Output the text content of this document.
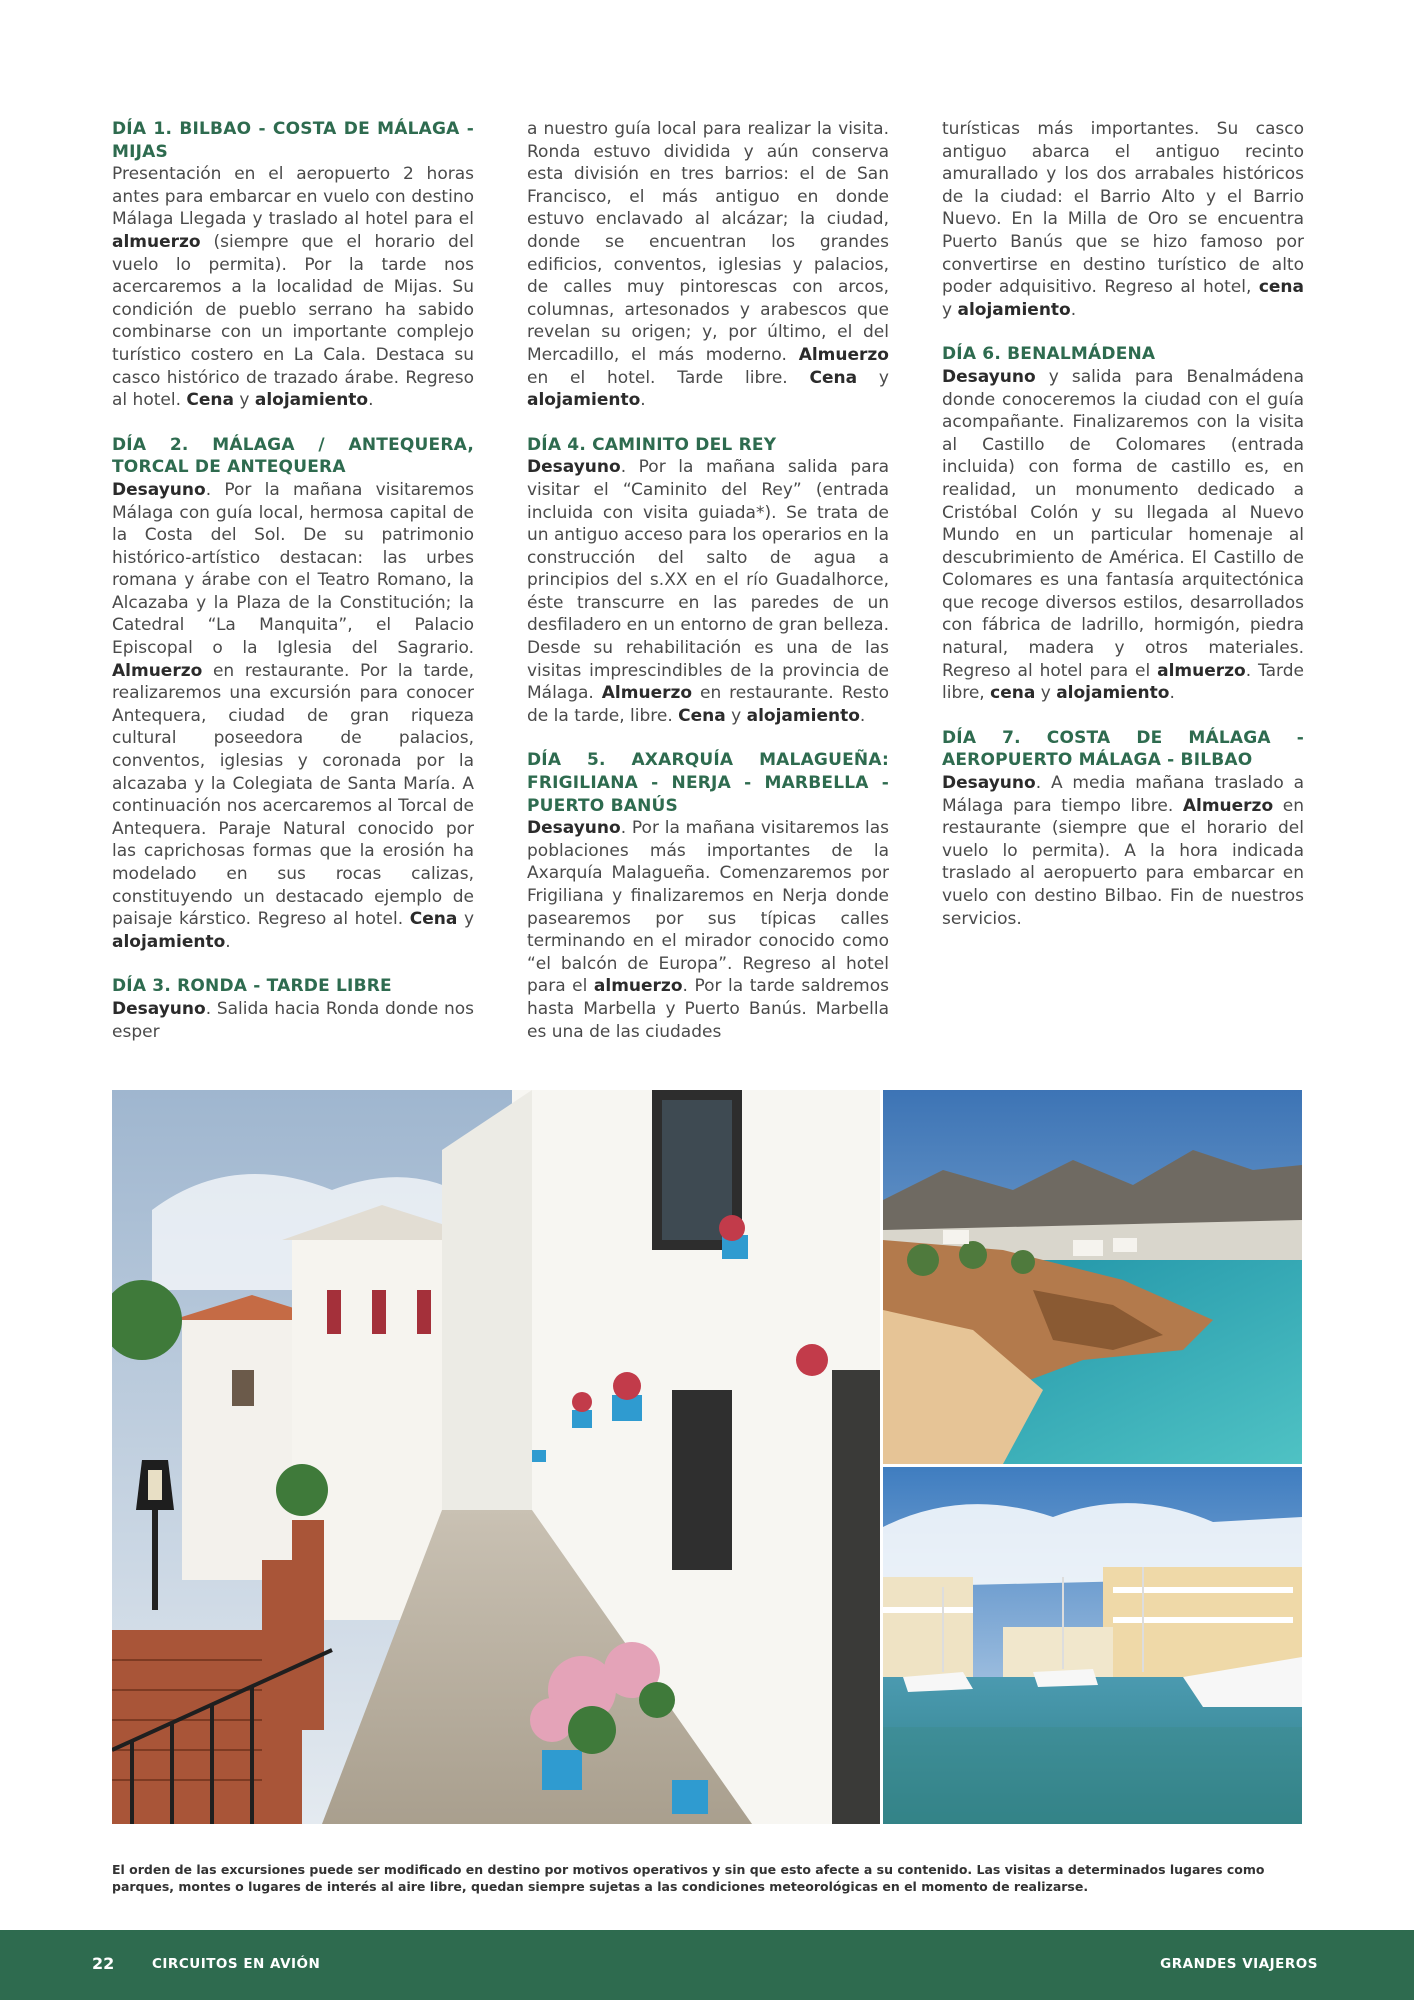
DÍA 1. BILBAO - COSTA DE MÁLAGA - MIJAS

Presentación en el aeropuerto 2 horas antes para embarcar en vuelo con destino Málaga Llegada y traslado al hotel para el almuerzo (siempre que el horario del vuelo lo permita). Por la tarde nos acercaremos a la localidad de Mijas. Su condición de pueblo serrano ha sabido combinarse con un importante complejo turístico costero en La Cala. Destaca su casco histórico de trazado árabe. Regreso al hotel. Cena y alojamiento.

DÍA 2. MÁLAGA / ANTEQUERA, TORCAL DE ANTEQUERA

Desayuno. Por la mañana visitaremos Málaga con guía local, hermosa capital de la Costa del Sol. De su patrimonio histórico-artístico destacan: las urbes romana y árabe con el Teatro Romano, la Alcazaba y la Plaza de la Constitución; la Catedral “La Manquita”, el Palacio Episcopal o la Iglesia del Sagrario. Almuerzo en restaurante. Por la tarde, realizaremos una excursión para conocer Antequera, ciudad de gran riqueza cultural poseedora de palacios, conventos, iglesias y coronada por la alcazaba y la Colegiata de Santa María. A continuación nos acercaremos al Torcal de Antequera. Paraje Natural conocido por las caprichosas formas que la erosión ha modelado en sus rocas calizas, constituyendo un destacado ejemplo de paisaje kárstico. Regreso al hotel. Cena y alojamiento.

DÍA 3. RONDA - TARDE LIBRE

Desayuno. Salida hacia Ronda donde nos esper

a nuestro guía local para realizar la visita. Ronda estuvo dividida y aún conserva esta división en tres barrios: el de San Francisco, el más antiguo en donde estuvo enclavado al alcázar; la ciudad, donde se encuentran los grandes edificios, conventos, iglesias y palacios, de calles muy pintorescas con arcos, columnas, artesonados y arabescos que revelan su origen; y, por último, el del Mercadillo, el más moderno. Almuerzo en el hotel. Tarde libre. Cena y alojamiento.

DÍA 4. CAMINITO DEL REY

Desayuno. Por la mañana salida para visitar el “Caminito del Rey” (entrada incluida con visita guiada*). Se trata de un antiguo acceso para los operarios en la construcción del salto de agua a principios del s.XX en el río Guadalhorce, éste transcurre en las paredes de un desfiladero en un entorno de gran belleza. Desde su rehabilitación es una de las visitas imprescindibles de la provincia de Málaga. Almuerzo en restaurante. Resto de la tarde, libre. Cena y alojamiento.

DÍA 5. AXARQUÍA MALAGUEÑA: FRIGILIANA - NERJA - MARBELLA - PUERTO BANÚS

Desayuno. Por la mañana visitaremos las poblaciones más importantes de la Axarquía Malagueña. Comenzaremos por Frigiliana y finalizaremos en Nerja donde pasearemos por sus típicas calles terminando en el mirador conocido como “el balcón de Europa”. Regreso al hotel para el almuerzo. Por la tarde saldremos hasta Marbella y Puerto Banús. Marbella es una de las ciudades

turísticas más importantes. Su casco antiguo abarca el antiguo recinto amurallado y los dos arrabales históricos de la ciudad: el Barrio Alto y el Barrio Nuevo. En la Milla de Oro se encuentra Puerto Banús que se hizo famoso por convertirse en destino turístico de alto poder adquisitivo. Regreso al hotel, cena y alojamiento.

DÍA 6. BENALMÁDENA

Desayuno y salida para Benalmádena donde conoceremos la ciudad con el guía acompañante. Finalizaremos con la visita al Castillo de Colomares (entrada incluida) con forma de castillo es, en realidad, un monumento dedicado a Cristóbal Colón y su llegada al Nuevo Mundo en un particular homenaje al descubrimiento de América. El Castillo de Colomares es una fantasía arquitectónica que recoge diversos estilos, desarrollados con fábrica de ladrillo, hormigón, piedra natural, madera y otros materiales. Regreso al hotel para el almuerzo. Tarde libre, cena y alojamiento.

DÍA 7. COSTA DE MÁLAGA - AEROPUERTO MÁLAGA - BILBAO

Desayuno. A media mañana traslado a Málaga para tiempo libre. Almuerzo en restaurante (siempre que el horario del vuelo lo permita). A la hora indicada traslado al aeropuerto para embarcar en vuelo con destino Bilbao. Fin de nuestros servicios.

El orden de las excursiones puede ser modificado en destino por motivos operativos y sin que esto afecte a su contenido. Las visitas a determinados lugares como parques, montes o lugares de interés al aire libre, quedan siempre sujetas a las condiciones meteorológicas en el momento de realizarse.

22	CIRCUITOS EN AVIÓN	GRANDES VIAJEROS
